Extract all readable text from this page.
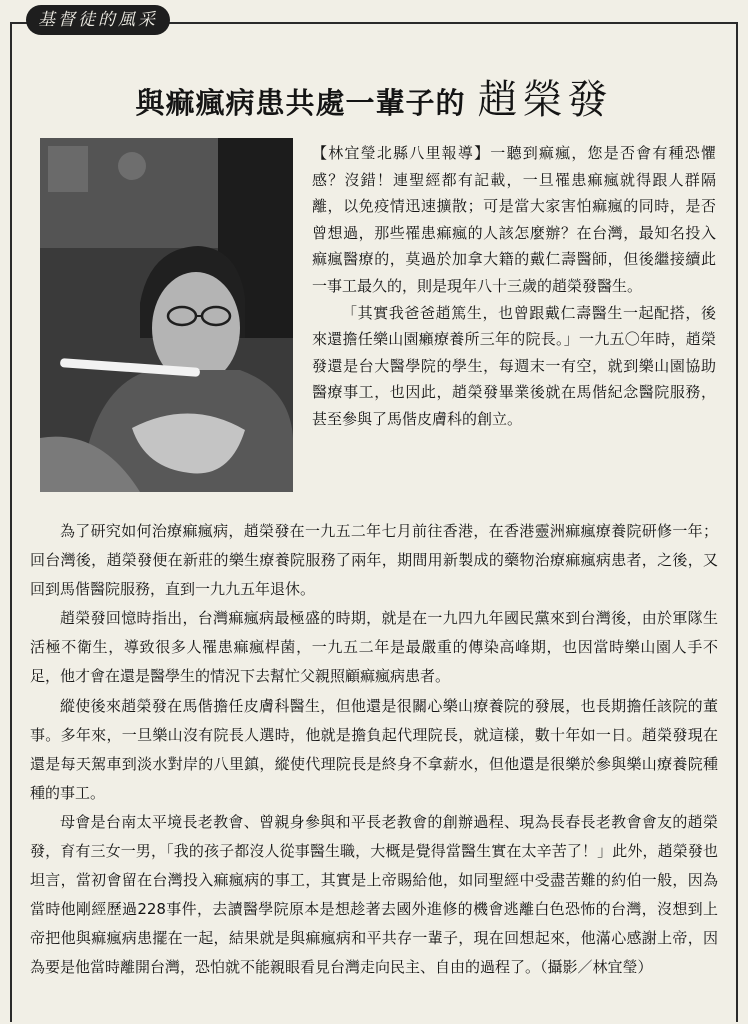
基督徒的風采
與痲瘋病患共處一輩子的 趙榮發

【林宜瑩北縣八里報導】一聽到痲瘋，您是否會有種恐懼感？沒錯！連聖經都有記載，一旦罹患痲瘋就得跟人群隔離，以免疫情迅速擴散；可是當大家害怕痲瘋的同時，是否曾想過，那些罹患痲瘋的人該怎麼辦？在台灣，最知名投入痲瘋醫療的，莫過於加拿大籍的戴仁壽醫師，但後繼接續此一事工最久的，則是現年八十三歲的趙榮發醫生。

「其實我爸爸趙篤生，也曾跟戴仁壽醫生一起配搭，後來還擔任樂山園癩療養所三年的院長。」一九五〇年時，趙榮發還是台大醫學院的學生，每週末一有空，就到樂山園協助醫療事工，也因此，趙榮發畢業後就在馬偕紀念醫院服務，甚至參與了馬偕皮膚科的創立。

為了研究如何治療痲瘋病，趙榮發在一九五二年七月前往香港，在香港靈洲痲瘋療養院研修一年；回台灣後，趙榮發便在新莊的樂生療養院服務了兩年，期間用新製成的藥物治療痲瘋病患者，之後，又回到馬偕醫院服務，直到一九九五年退休。

趙榮發回憶時指出，台灣痲瘋病最極盛的時期，就是在一九四九年國民黨來到台灣後，由於軍隊生活極不衛生，導致很多人罹患痲瘋桿菌，一九五二年是最嚴重的傳染高峰期，也因當時樂山園人手不足，他才會在還是醫學生的情況下去幫忙父親照顧痲瘋病患者。

縱使後來趙榮發在馬偕擔任皮膚科醫生，但他還是很關心樂山療養院的發展，也長期擔任該院的董事。多年來，一旦樂山沒有院長人選時，他就是擔負起代理院長，就這樣，數十年如一日。趙榮發現在還是每天駕車到淡水對岸的八里鎮，縱使代理院長是終身不拿薪水，但他還是很樂於參與樂山療養院種種的事工。

母會是台南太平境長老教會、曾親身參與和平長老教會的創辦過程、現為長春長老教會會友的趙榮發，育有三女一男，「我的孩子都沒人從事醫生職，大概是覺得當醫生實在太辛苦了！」此外，趙榮發也坦言，當初會留在台灣投入痲瘋病的事工，其實是上帝賜給他，如同聖經中受盡苦難的約伯一般，因為當時他剛經歷過228事件，去讀醫學院原本是想趁著去國外進修的機會逃離白色恐怖的台灣，沒想到上帝把他與痲瘋病患擺在一起，結果就是與痲瘋病和平共存一輩子，現在回想起來，他滿心感謝上帝，因為要是他當時離開台灣，恐怕就不能親眼看見台灣走向民主、自由的過程了。（攝影／林宜瑩）
